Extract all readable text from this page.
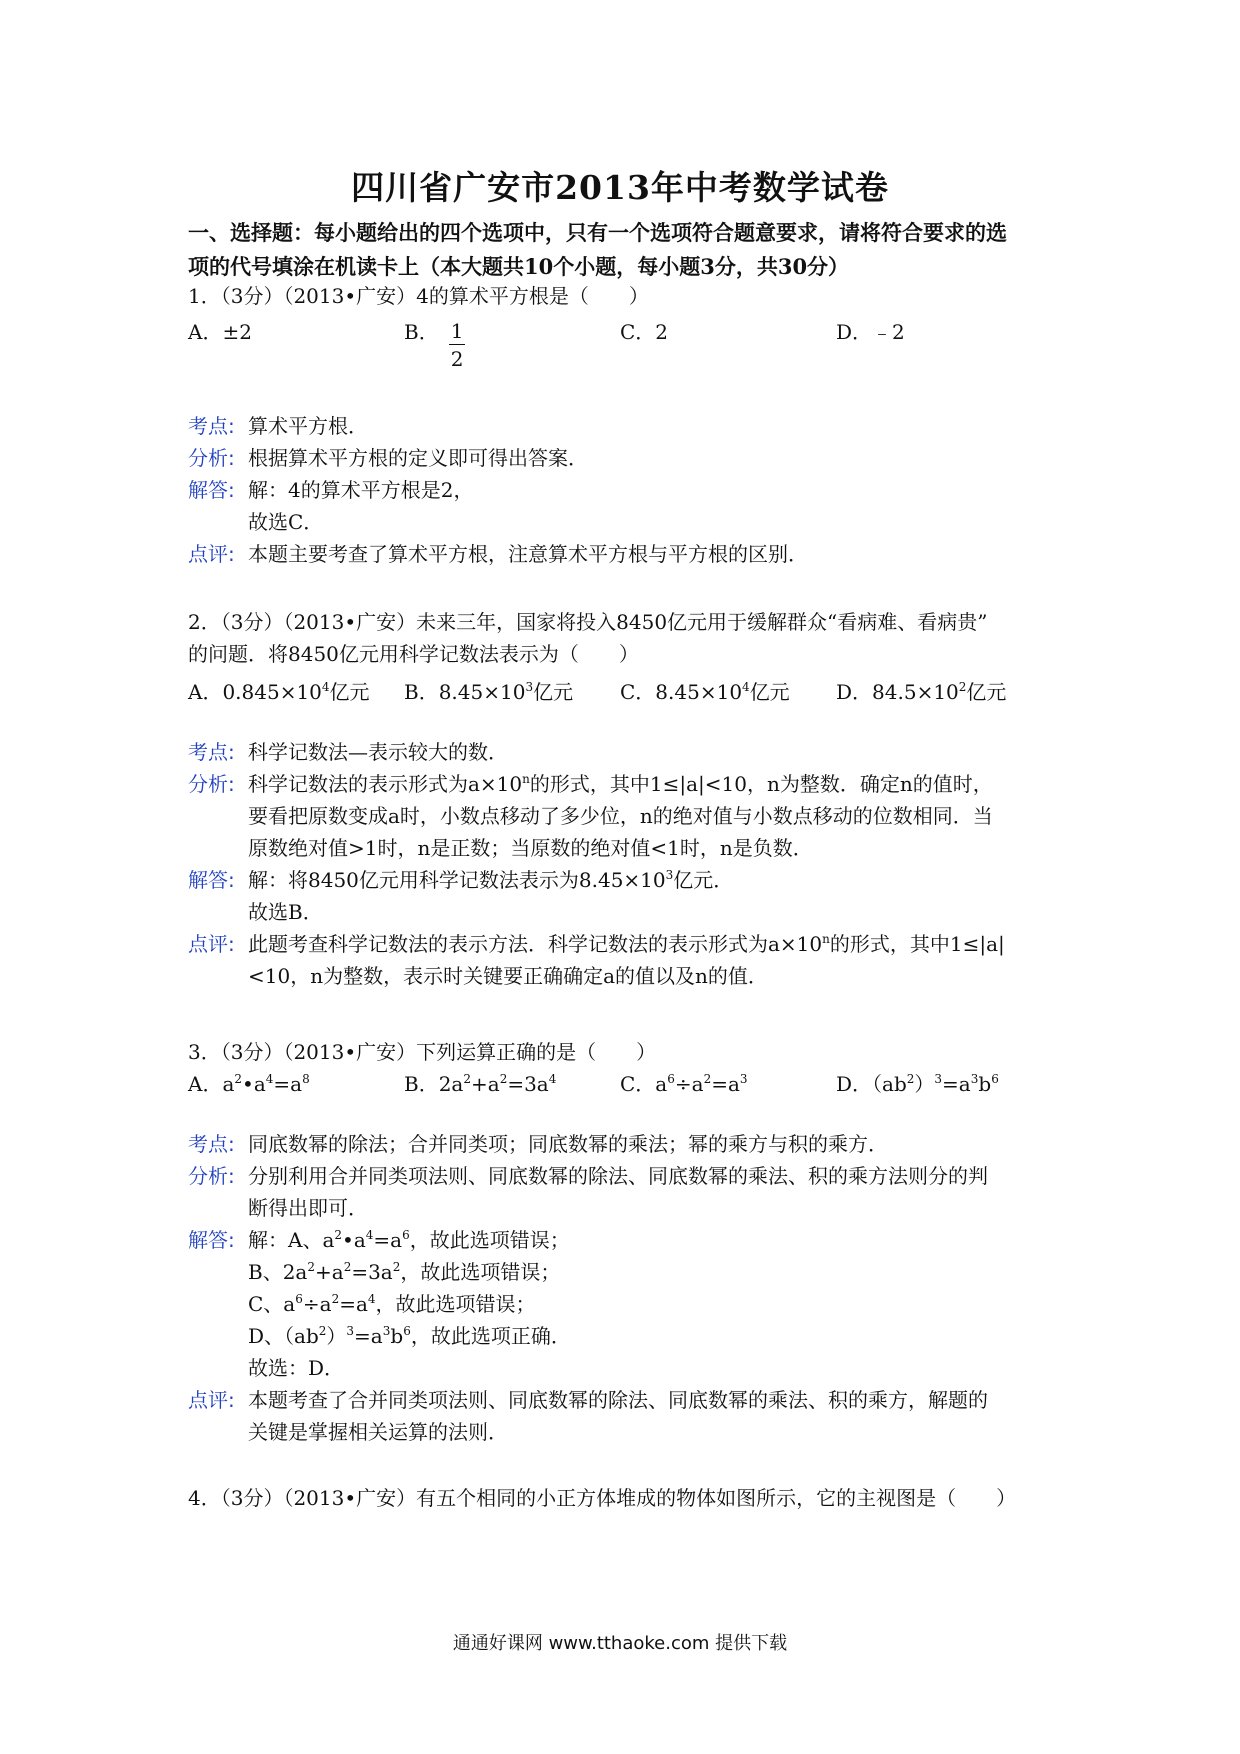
四川省广安市2013年中考数学试卷
一、选择题：每小题给出的四个选项中，只有一个选项符合题意要求，请将符合要求的选
项的代号填涂在机读卡上（本大题共10个小题，每小题3分，共30分）
1．（3分）（2013•广安）4的算术平方根是（　　）
A．±2	B． $\frac{1}{2}$	C．2	D．﹣2
考点: 算术平方根．
分析: 根据算术平方根的定义即可得出答案．
解答: 解：4的算术平方根是2，
故选C．
点评: 本题主要考查了算术平方根，注意算术平方根与平方根的区别．
2．（3分）（2013•广安）未来三年，国家将投入8450亿元用于缓解群众“看病难、看病贵”
的问题．将8450亿元用科学记数法表示为（　　）
A．$0.845\times 10^4$亿元 B．$8.45\times 10^3$亿元 C．$8.45\times 10^4$亿元 D．$84.5\times 10^2$亿元
考点: 科学记数法—表示较大的数．
分析: 科学记数法的表示形式为$a\times 10^n$的形式，其中1≤|a|<10，n为整数．确定n的值时，
要看把原数变成a时，小数点移动了多少位，n的绝对值与小数点移动的位数相同．当
原数绝对值>1时，n是正数；当原数的绝对值<1时，n是负数．
解答: 解：将8450亿元用科学记数法表示为$8.45\times 10^3$亿元．
故选B．
点评: 此题考查科学记数法的表示方法．科学记数法的表示形式为$a\times 10^n$的形式，其中1≤|a|
<10，n为整数，表示时关键要正确确定a的值以及n的值．
3．（3分）（2013•广安）下列运算正确的是（　　）
A．$a^2•a^4=a^8$	B．$2a^2+a^2=3a^4$	C．$a^6\div a^2=a^3$	D．$(ab^2)^3=a^3b^6$
考点: 同底数幂的除法；合并同类项；同底数幂的乘法；幂的乘方与积的乘方．
分析: 分别利用合并同类项法则、同底数幂的除法、同底数幂的乘法、积的乘方法则分的判
断得出即可．
解答: 解：A、$a^2•a^4=a^6$，故此选项错误；
B、$2a^2+a^2=3a^2$，故此选项错误；
C、$a^6\div a^2=a^4$，故此选项错误；
D、$(ab^2)^3=a^3b^6$，故此选项正确．
故选：D．
点评: 本题考查了合并同类项法则、同底数幂的除法、同底数幂的乘法、积的乘方，解题的
关键是掌握相关运算的法则．
4．（3分）（2013•广安）有五个相同的小正方体堆成的物体如图所示，它的主视图是（　　）
通通好课网 www.tthaoke.com 提供下载
